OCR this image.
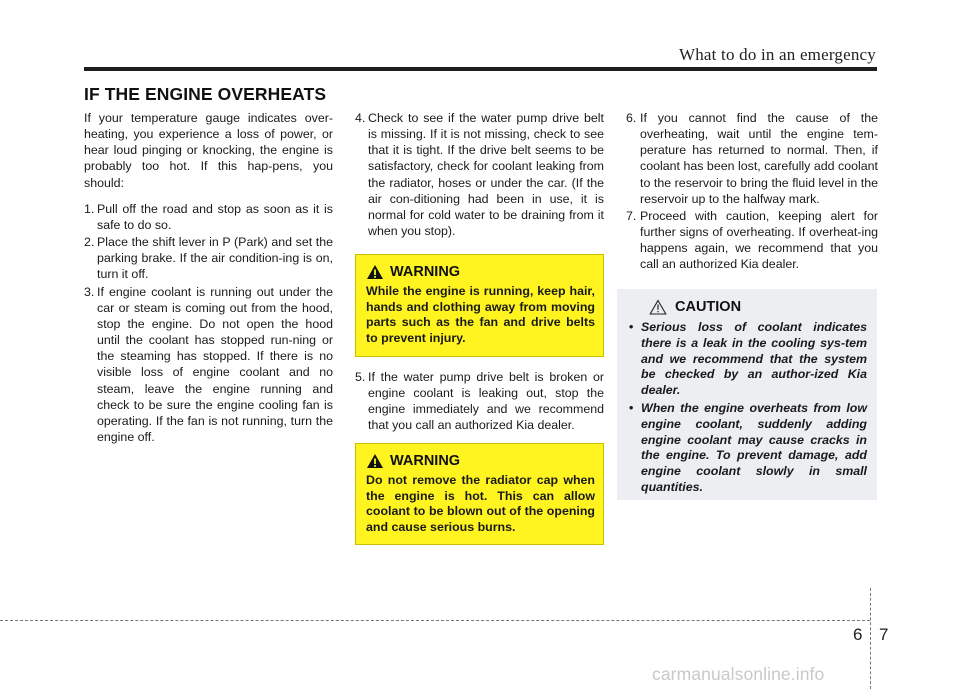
What to do in an emergency
IF THE ENGINE OVERHEATS

If your temperature gauge indicates over-heating, you experience a loss of power, or hear loud pinging or knocking, the engine is probably too hot. If this hap-pens, you should:

1. Pull off the road and stop as soon as it is safe to do so.
2. Place the shift lever in P (Park) and set the parking brake. If the air condition-ing is on, turn it off.
3. If engine coolant is running out under the car or steam is coming out from the hood, stop the engine. Do not open the hood until the coolant has stopped run-ning or the steaming has stopped. If there is no visible loss of engine coolant and no steam, leave the engine running and check to be sure the engine cooling fan is operating. If the fan is not running, turn the engine off.
4. Check to see if the water pump drive belt is missing. If it is not missing, check to see that it is tight. If the drive belt seems to be satisfactory, check for coolant leaking from the radiator, hoses or under the car. (If the air con-ditioning had been in use, it is normal for cold water to be draining from it when you stop).
WARNING
While the engine is running, keep hair, hands and clothing away from moving parts such as the fan and drive belts to prevent injury.
5. If the water pump drive belt is broken or engine coolant is leaking out, stop the engine immediately and we recommend that you call an authorized Kia dealer.
WARNING
Do not remove the radiator cap when the engine is hot. This can allow coolant to be blown out of the opening and cause serious burns.
6. If you cannot find the cause of the overheating, wait until the engine tem-perature has returned to normal. Then, if coolant has been lost, carefully add coolant to the reservoir to bring the fluid level in the reservoir up to the halfway mark.
7. Proceed with caution, keeping alert for further signs of overheating. If overheat-ing happens again, we recommend that you call an authorized Kia dealer.
CAUTION
• Serious loss of coolant indicates there is a leak in the cooling sys-tem and we recommend that the system be checked by an author-ized Kia dealer.
• When the engine overheats from low engine coolant, suddenly adding engine coolant may cause cracks in the engine. To prevent damage, add engine coolant slowly in small quantities.
6 7
carmanualsonline.info
